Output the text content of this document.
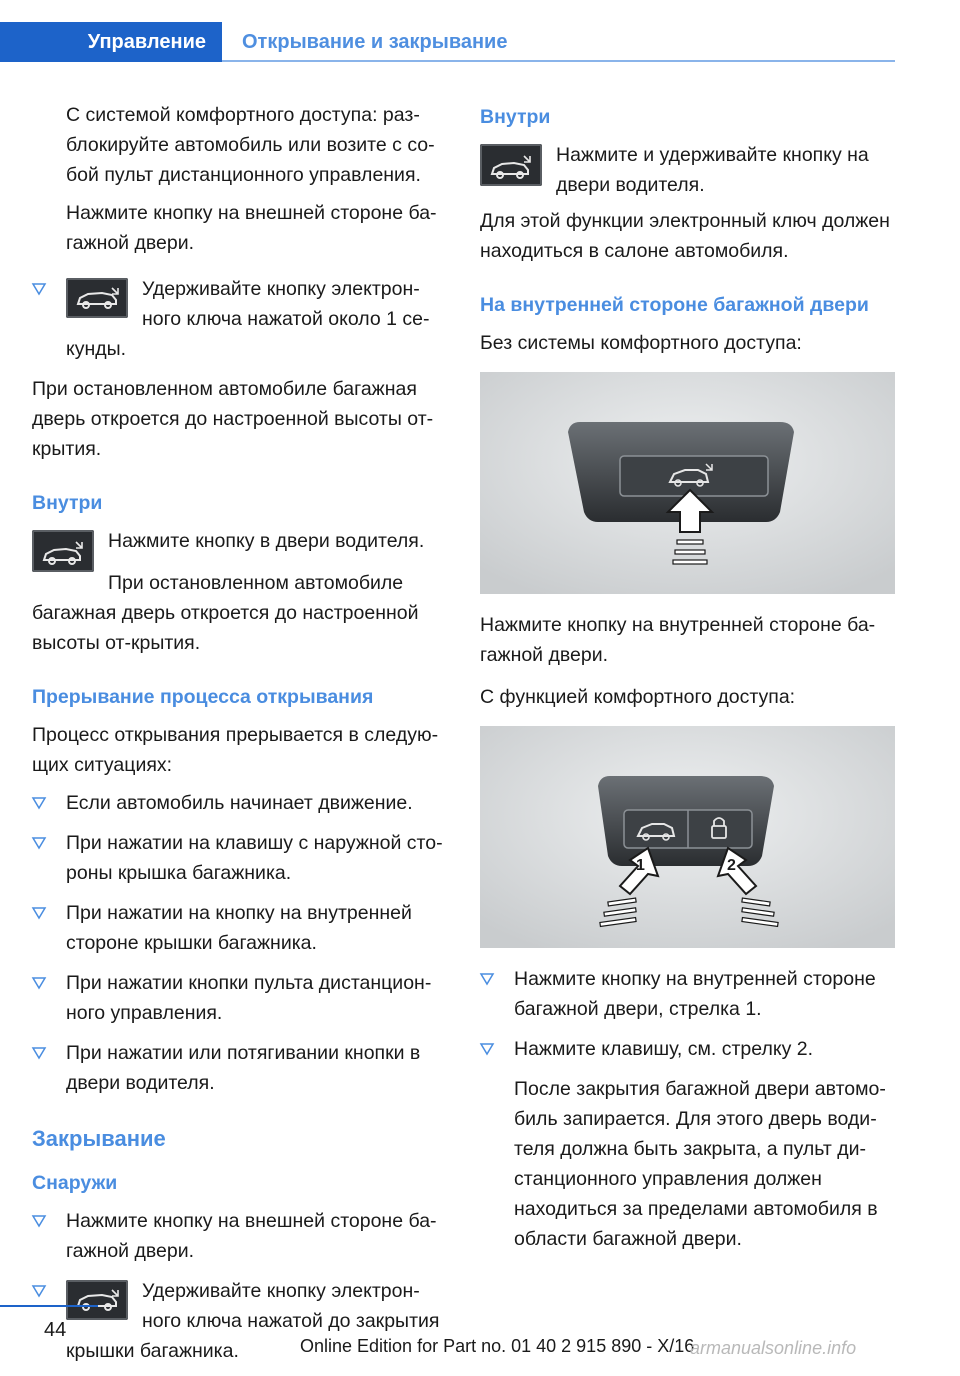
Управление Открывание и закрывание

С системой комфортного доступа: раз-блокируйте автомобиль или возите с со-бой пульт дистанционного управления.

Нажмите кнопку на внешней стороне ба-гажной двери.

Удерживайте кнопку электрон-ного ключа нажатой около 1 се-кунды.

При остановленном автомобиле багажная дверь откроется до настроенной высоты от-крытия.

Внутри
Нажмите кнопку в двери водителя.

При остановленном автомобиле багажная дверь откроется до настроенной высоты от-крытия.

Прерывание процесса открывания

Процесс открывания прерывается в следую-щих ситуациях:

Если автомобиль начинает движение.
При нажатии на клавишу с наружной сто-роны крышка багажника.
При нажатии на кнопку на внутренней стороне крышки багажника.
При нажатии кнопки пульта дистанцион-ного управления.
При нажатии или потягивании кнопки в двери водителя.
Закрывание
Снаружи
Нажмите кнопку на внешней стороне ба-гажной двери.
Удерживайте кнопку электрон-ного ключа нажатой до закрытия крышки багажника.
Внутри
Нажмите и удерживайте кнопку на двери водителя.

Для этой функции электронный ключ должен находиться в салоне автомобиля.

На внутренней стороне багажной двери

Без системы комфортного доступа:

Нажмите кнопку на внутренней стороне ба-гажной двери.

С функцией комфортного доступа:

1	2
Нажмите кнопку на внутренней стороне багажной двери, стрелка 1.
Нажмите клавишу, см. стрелку 2.

После закрытия багажной двери автомо-биль запирается. Для этого дверь води-теля должна быть закрыта, а пульт ди-станционного управления должен находиться за пределами автомобиля в области багажной двери.

44
Online Edition for Part no. 01 40 2 915 890 - X/16
armanualsonline.info
